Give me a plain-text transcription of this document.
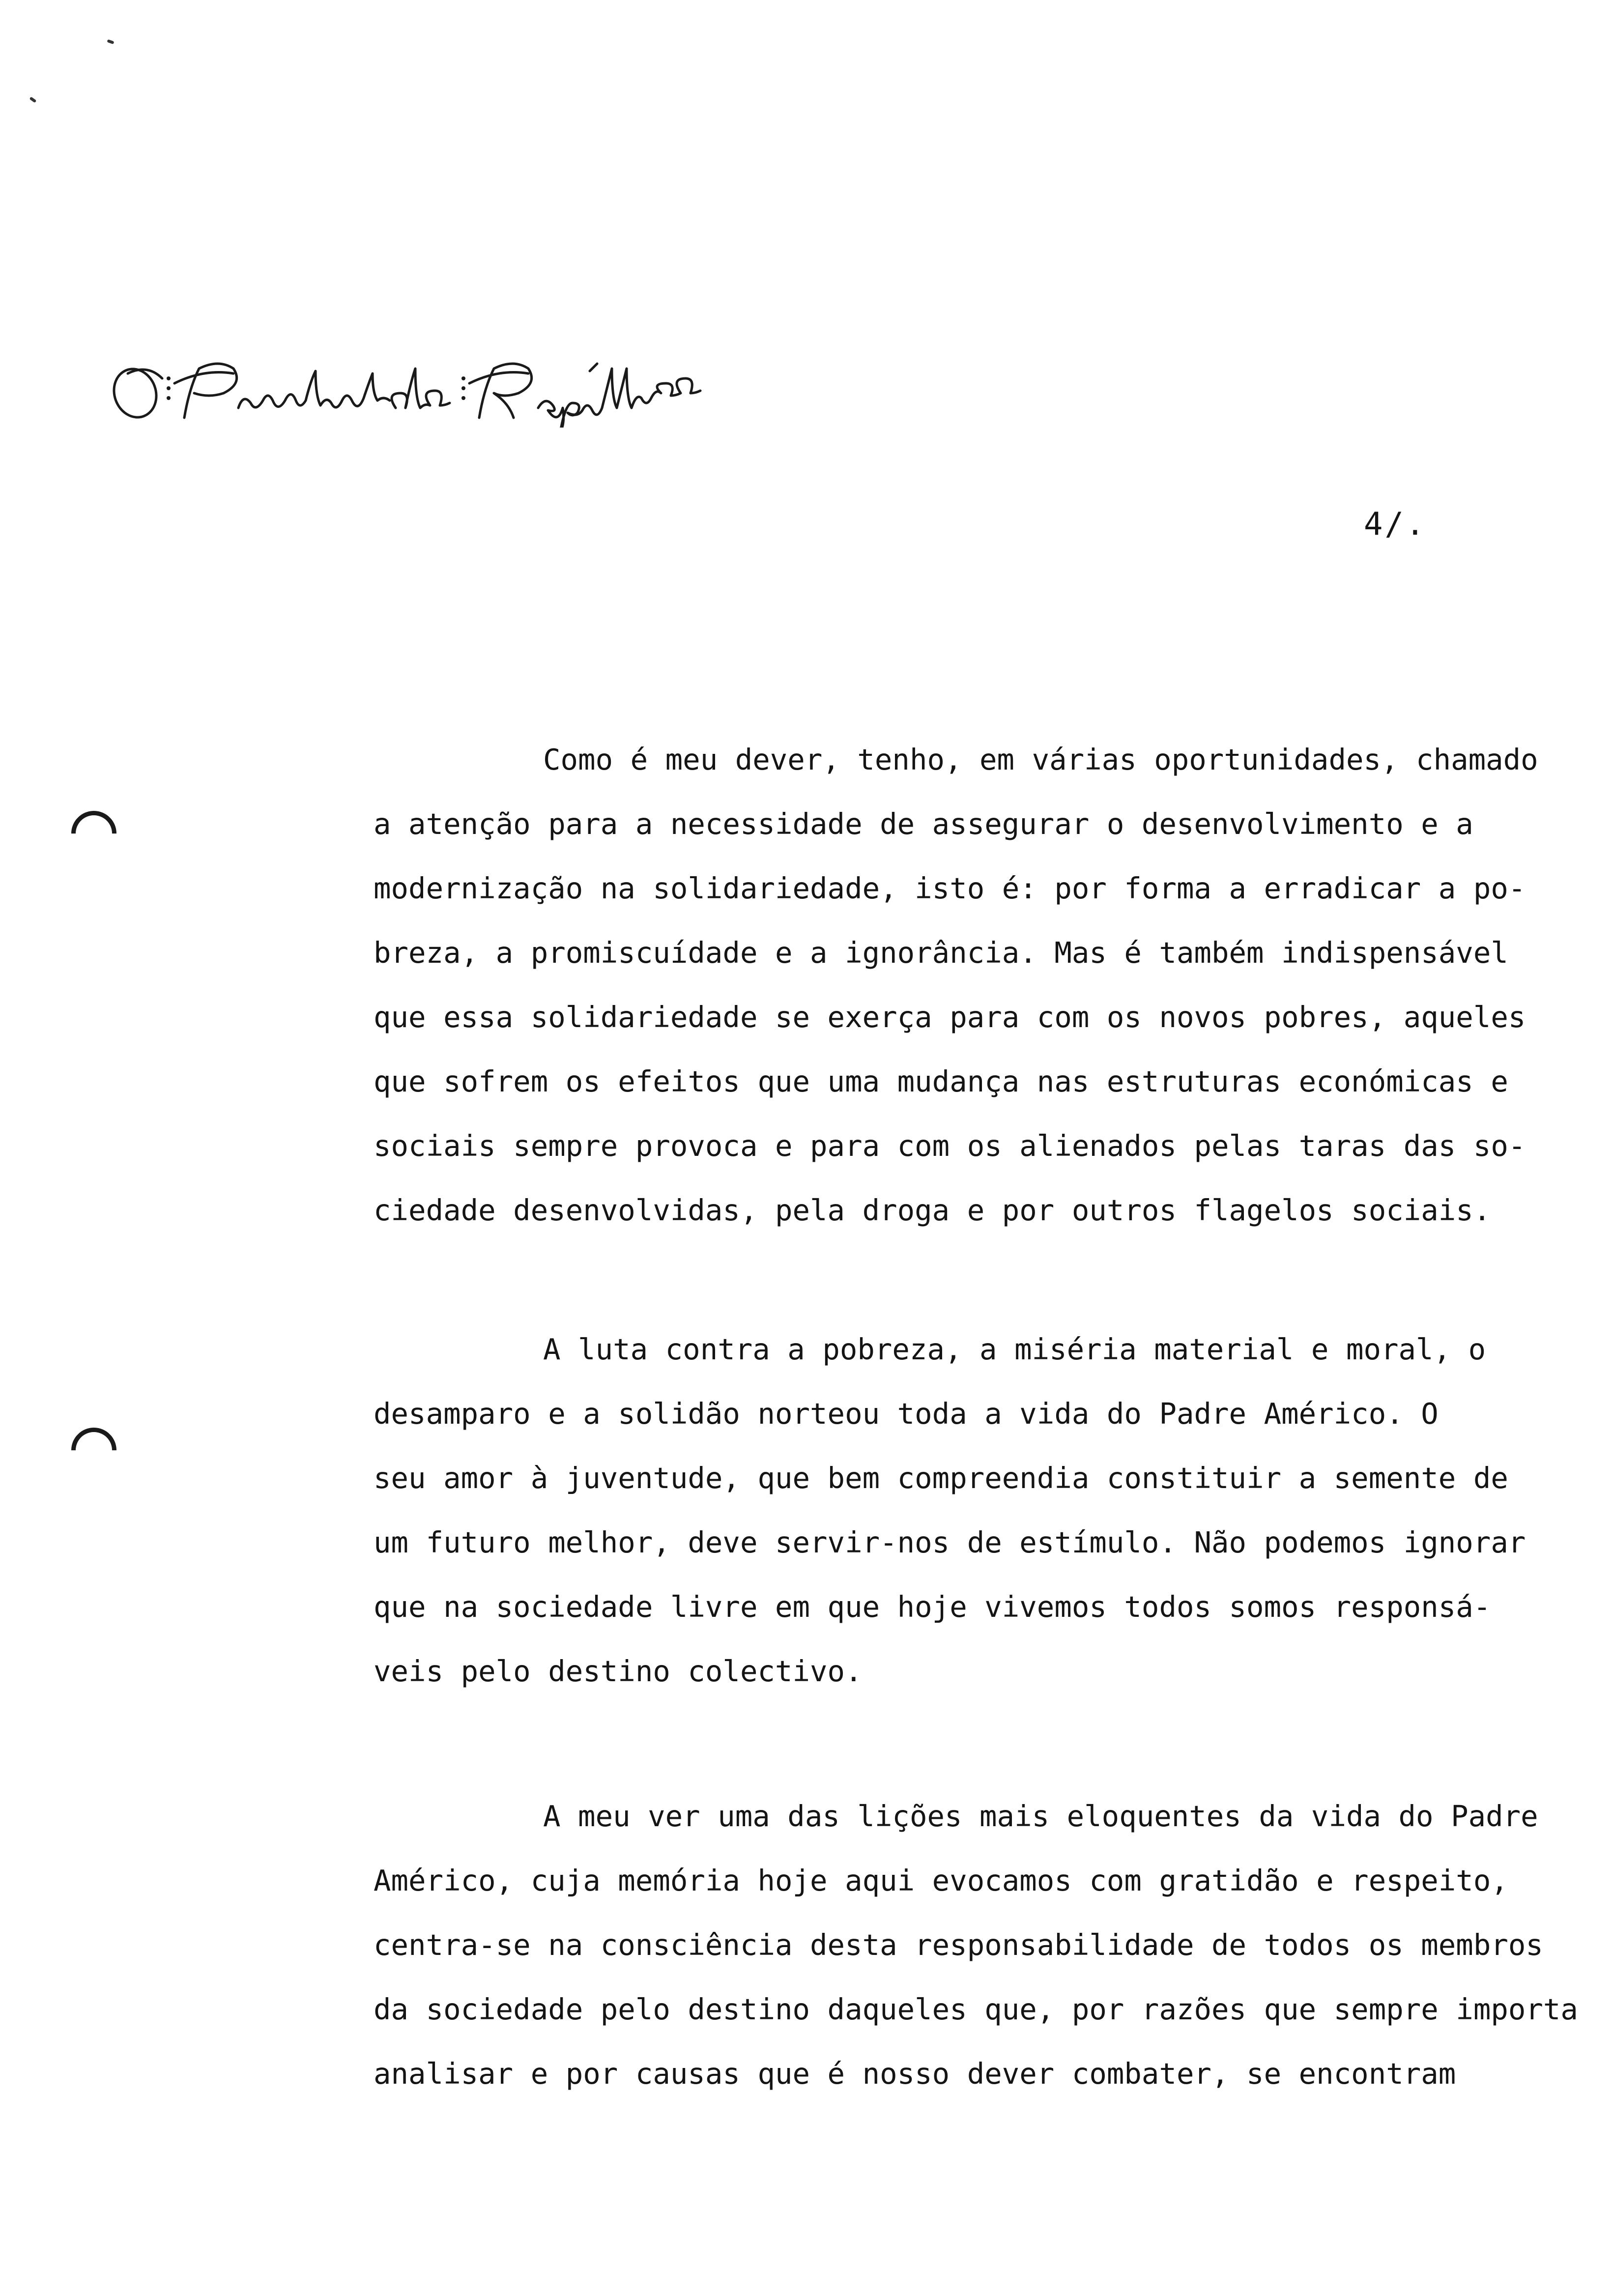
4/.

Como é meu dever, tenho, em várias oportunidades, chamado
a atenção para a necessidade de assegurar o desenvolvimento e a
modernização na solidariedade, isto é: por forma a erradicar a po-
breza, a promiscuídade e a ignorância. Mas é também indispensável
que essa solidariedade se exerça para com os novos pobres, aqueles
que sofrem os efeitos que uma mudança nas estruturas económicas e
sociais sempre provoca e para com os alienados pelas taras das so-
ciedade desenvolvidas, pela droga e por outros flagelos sociais.

A luta contra a pobreza, a miséria material e moral, o
desamparo e a solidão norteou toda a vida do Padre Américo. O
seu amor à juventude, que bem compreendia constituir a semente de
um futuro melhor, deve servir-nos de estímulo. Não podemos ignorar
que na sociedade livre em que hoje vivemos todos somos responsá-
veis pelo destino colectivo.

A meu ver uma das lições mais eloquentes da vida do Padre
Américo, cuja memória hoje aqui evocamos com gratidão e respeito,
centra-se na consciência desta responsabilidade de todos os membros
da sociedade pelo destino daqueles que, por razões que sempre importa
analisar e por causas que é nosso dever combater, se encontram
